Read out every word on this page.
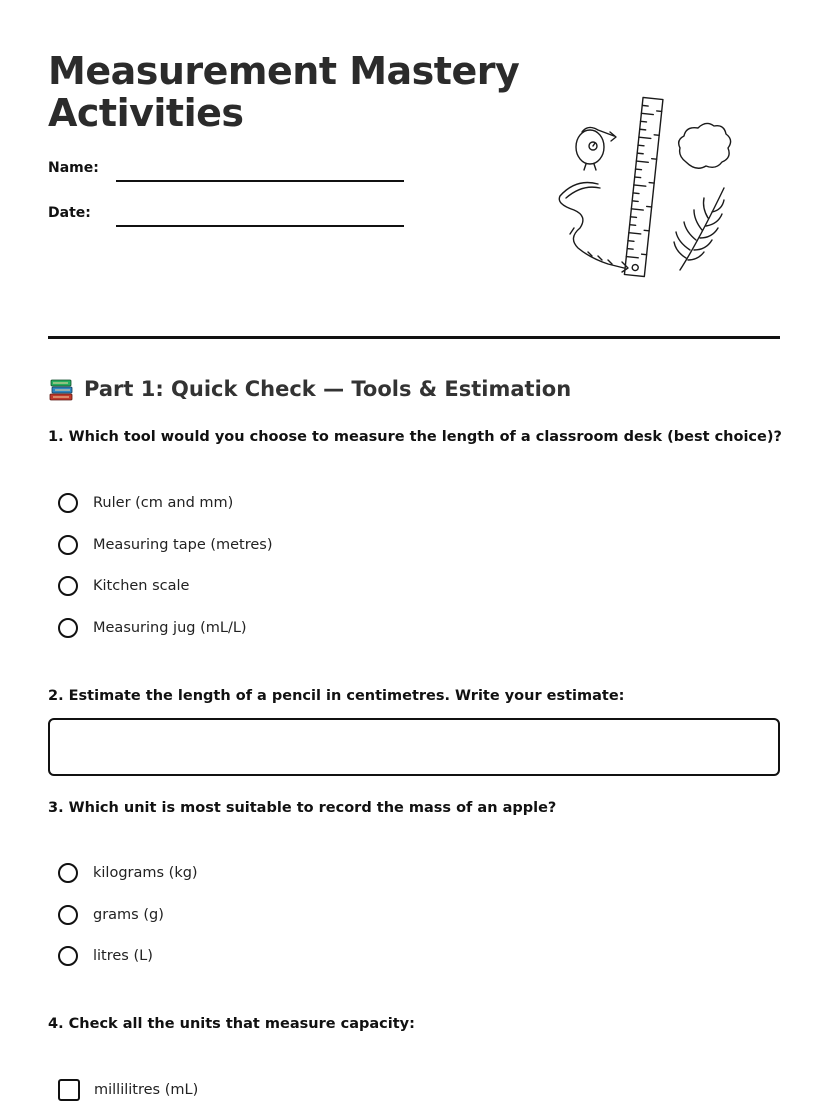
Measurement Mastery
Activities
Name:
Date:
Part 1: Quick Check — Tools & Estimation
1. Which tool would you choose to measure the length of a classroom desk (best choice)?
Ruler (cm and mm)
Measuring tape (metres)
Kitchen scale
Measuring jug (mL/L)
2. Estimate the length of a pencil in centimetres. Write your estimate:
3. Which unit is most suitable to record the mass of an apple?
kilograms (kg)
grams (g)
litres (L)
4. Check all the units that measure capacity:
millilitres (mL)
